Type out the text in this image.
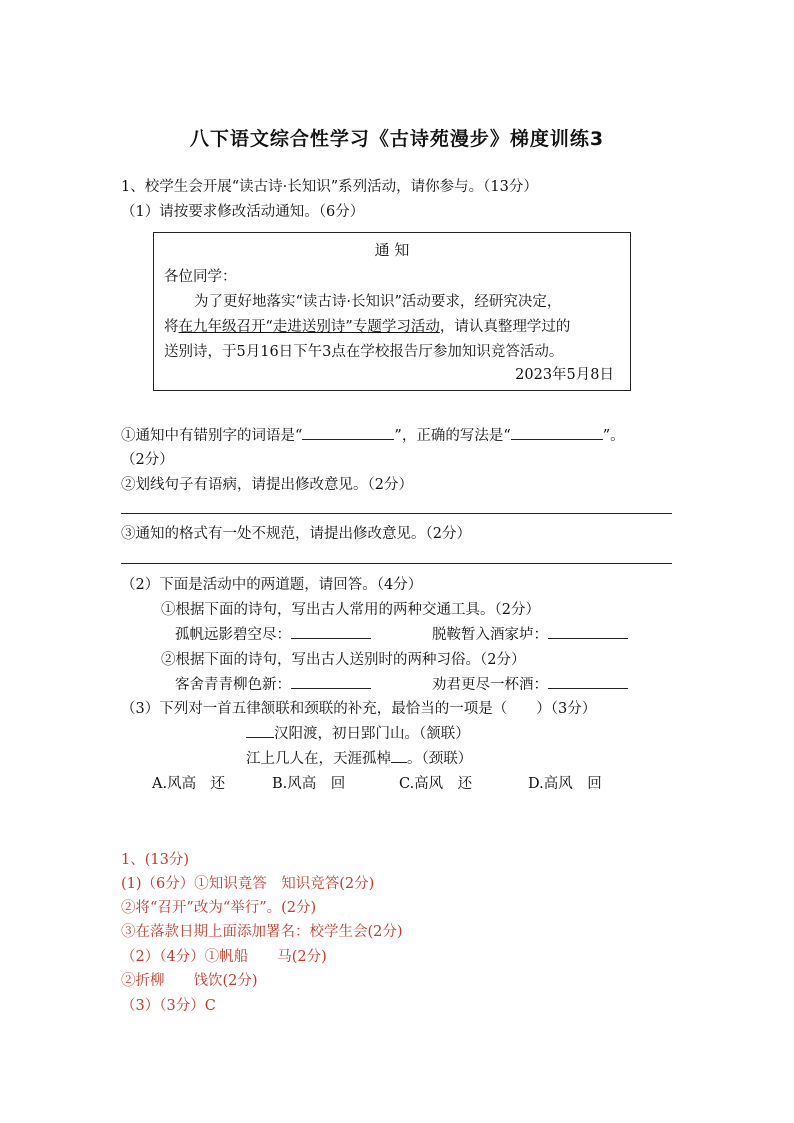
八下语文综合性学习《古诗苑漫步》梯度训练3
1、校学生会开展“读古诗·长知识”系列活动，请你参与。（13分）
（1）请按要求修改活动通知。（6分）
通 知
各位同学：
为了更好地落实“读古诗·长知识”活动要求，经研究决定，
将在九年级召开“走进送别诗”专题学习活动，请认真整理学过的
送别诗，于5月16日下午3点在学校报告厅参加知识竞答活动。
2023年5月8日
①通知中有错别字的词语是“	”，正确的写法是“	”。
（2分）
②划线句子有语病，请提出修改意见。（2分）
③通知的格式有一处不规范，请提出修改意见。（2分）
（2）下面是活动中的两道题，请回答。（4分）
①根据下面的诗句，写出古人常用的两种交通工具。（2分）
孤帆远影碧空尽：	脱鞍暂入酒家垆：
②根据下面的诗句，写出古人送别时的两种习俗。（2分）
客舍青青柳色新：	劝君更尽一杯酒：
（3）下列对一首五律颔联和颈联的补充，最恰当的一项是（　　）（3分）
汉阳渡，初日郢门山。（颔联）
江上几人在，天涯孤棹 。（颈联）
A.风高　还	B.风高　回	C.高风　还	D.高风　回
1、(13分)
(1)（6分）①知识竟答　知识竞答(2分)
②将“召开”改为“举行”。(2分)
③在落款日期上面添加署名：校学生会(2分)
（2）（4分）①帆船　　马(2分)
②折柳　　饯饮(2分)
（3）（3分）C
